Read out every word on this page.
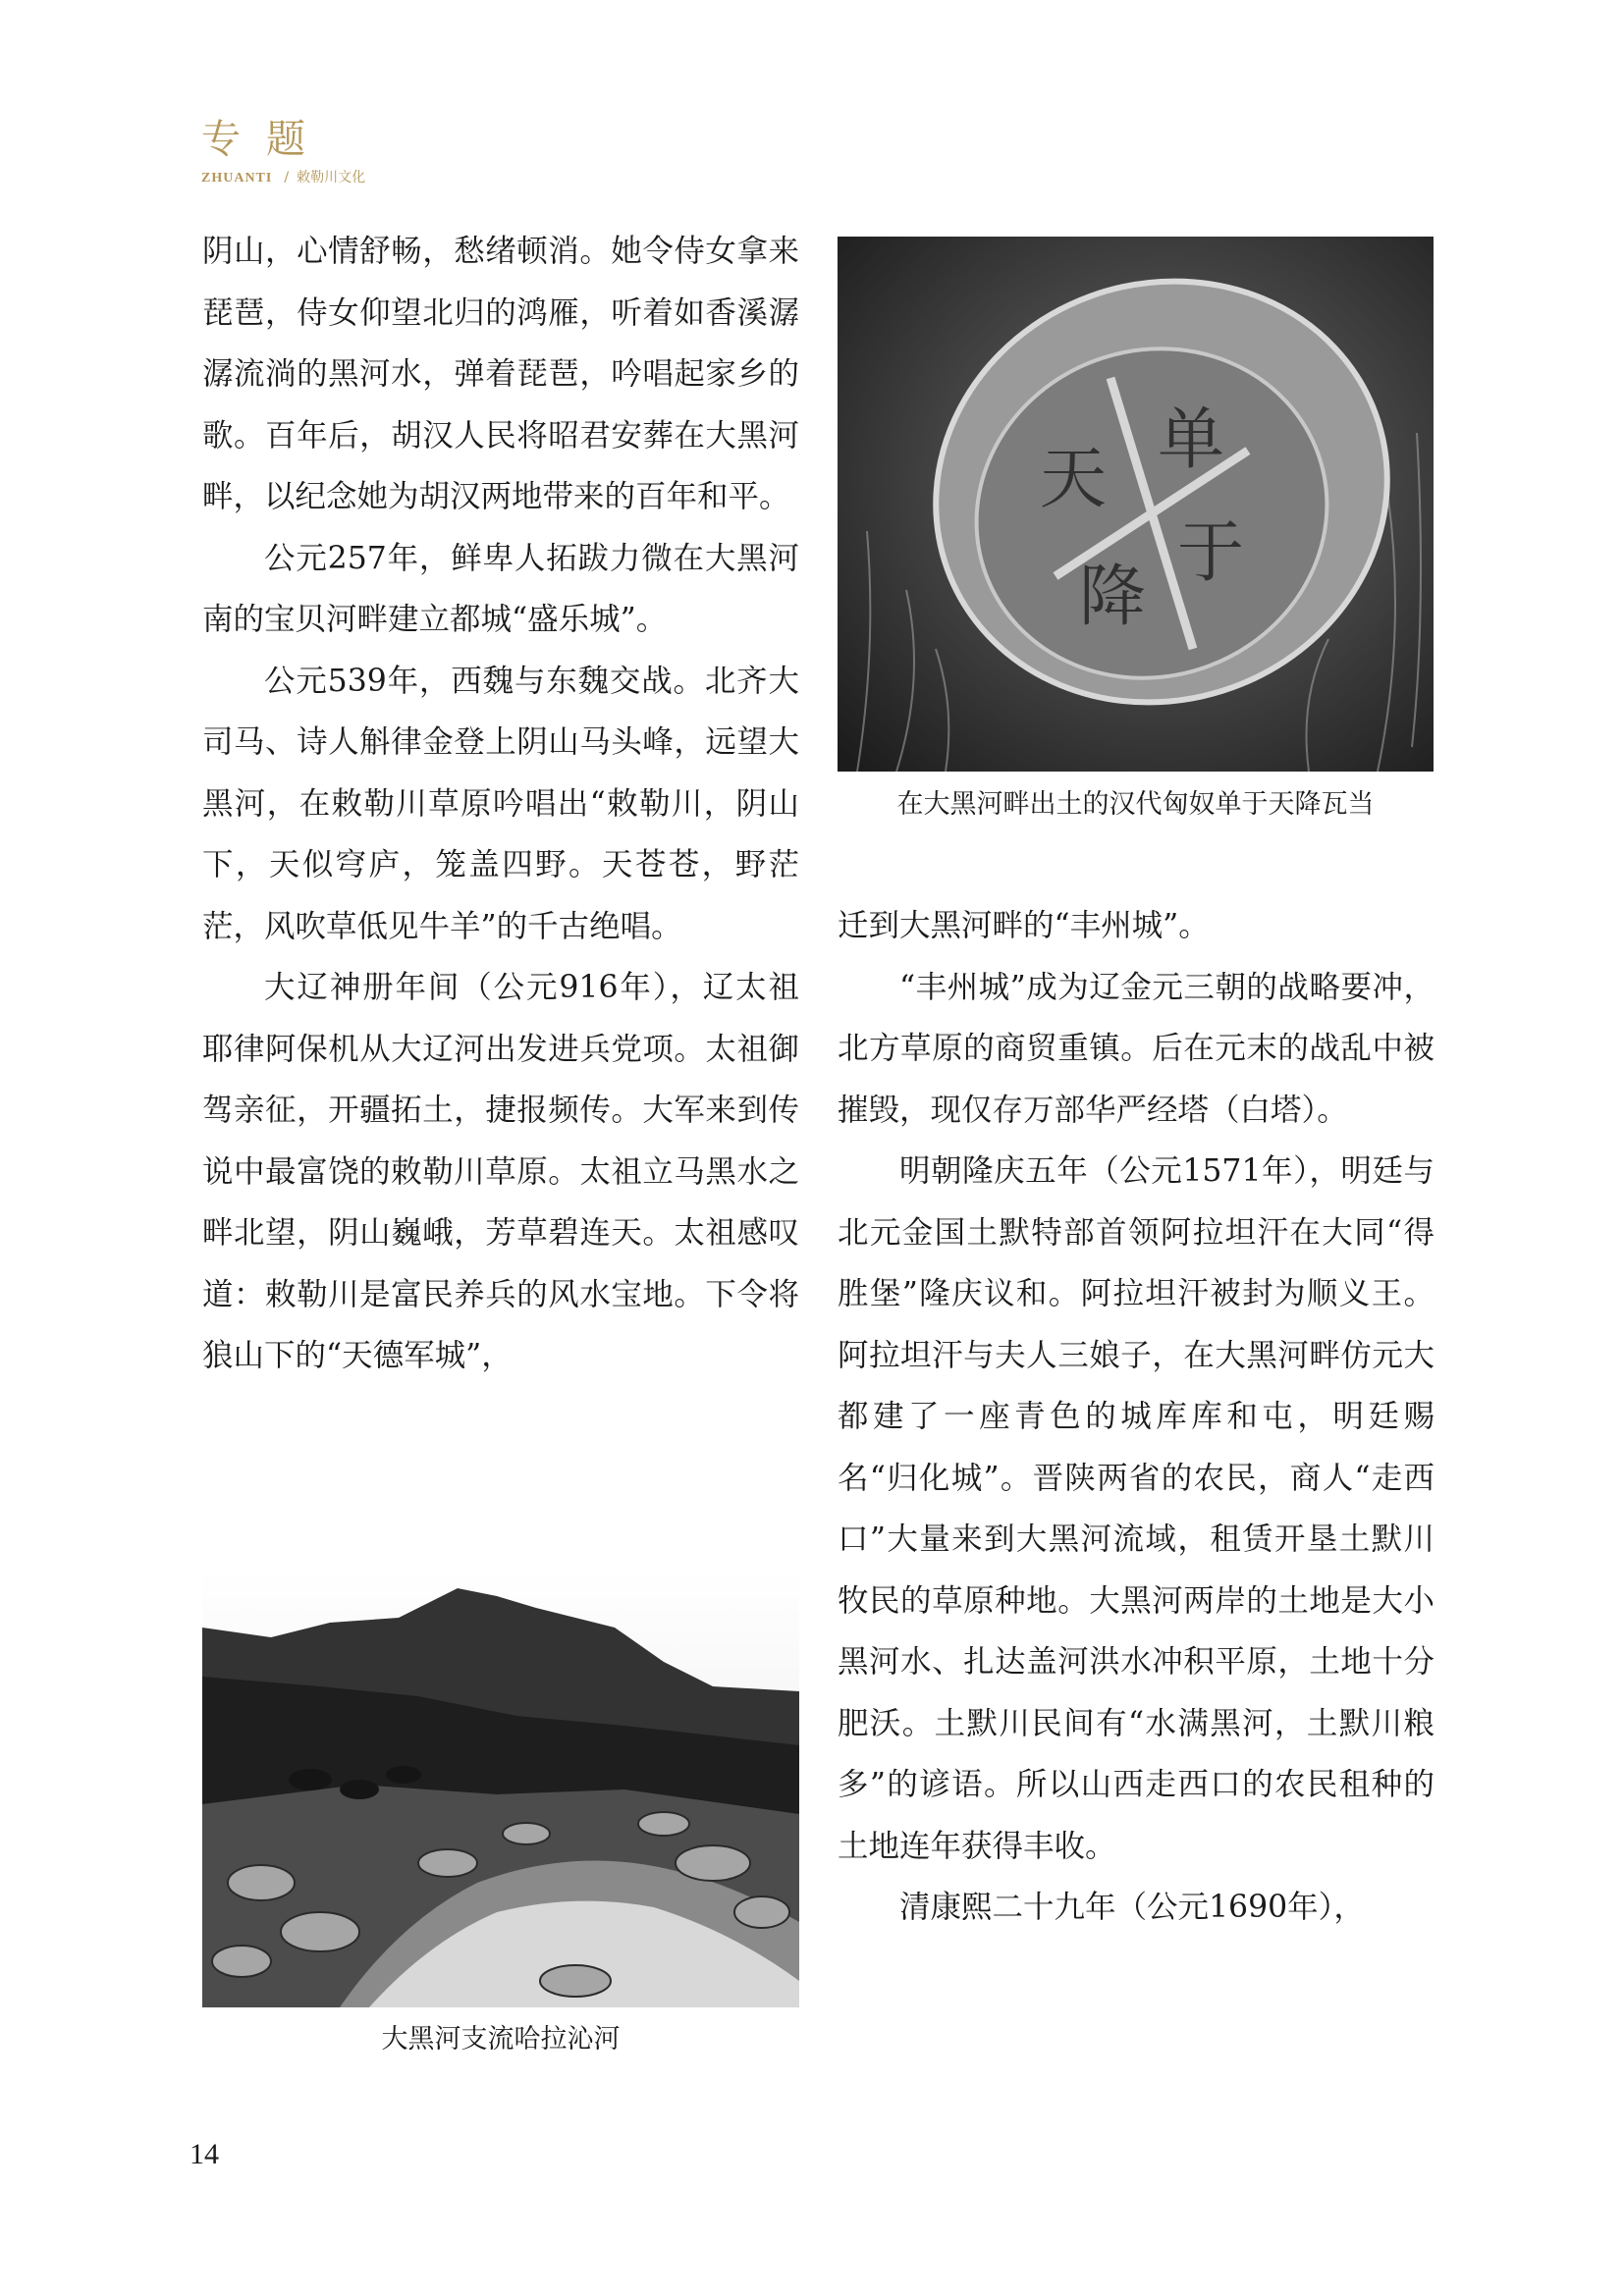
专题
ZHUANTI / 敕勒川文化

阴山，心情舒畅，愁绪顿消。她令侍女拿来琵琶，侍女仰望北归的鸿雁，听着如香溪潺潺流淌的黑河水，弹着琵琶，吟唱起家乡的歌。百年后，胡汉人民将昭君安葬在大黑河畔，以纪念她为胡汉两地带来的百年和平。

公元257年，鲜卑人拓跋力微在大黑河南的宝贝河畔建立都城“盛乐城”。

公元539年，西魏与东魏交战。北齐大司马、诗人斛律金登上阴山马头峰，远望大黑河，在敕勒川草原吟唱出“敕勒川，阴山下，天似穹庐，笼盖四野。天苍苍，野茫茫，风吹草低见牛羊”的千古绝唱。

大辽神册年间（公元916年），辽太祖耶律阿保机从大辽河出发进兵党项。太祖御驾亲征，开疆拓土，捷报频传。大军来到传说中最富饶的敕勒川草原。太祖立马黑水之畔北望，阴山巍峨，芳草碧连天。太祖感叹道：敕勒川是富民养兵的风水宝地。下令将狼山下的“天德军城”，

单
于
天
降
在大黑河畔出土的汉代匈奴单于天降瓦当
大黑河支流哈拉沁河

迁到大黑河畔的“丰州城”。

“丰州城”成为辽金元三朝的战略要冲，北方草原的商贸重镇。后在元末的战乱中被摧毁，现仅存万部华严经塔（白塔）。

明朝隆庆五年（公元1571年），明廷与北元金国土默特部首领阿拉坦汗在大同“得胜堡”隆庆议和。阿拉坦汗被封为顺义王。阿拉坦汗与夫人三娘子，在大黑河畔仿元大都建了一座青色的城库库和屯，明廷赐名“归化城”。晋陕两省的农民，商人“走西口”大量来到大黑河流域，租赁开垦土默川牧民的草原种地。大黑河两岸的土地是大小黑河水、扎达盖河洪水冲积平原，土地十分肥沃。土默川民间有“水满黑河，土默川粮多”的谚语。所以山西走西口的农民租种的土地连年获得丰收。

清康熙二十九年（公元1690年），

14
